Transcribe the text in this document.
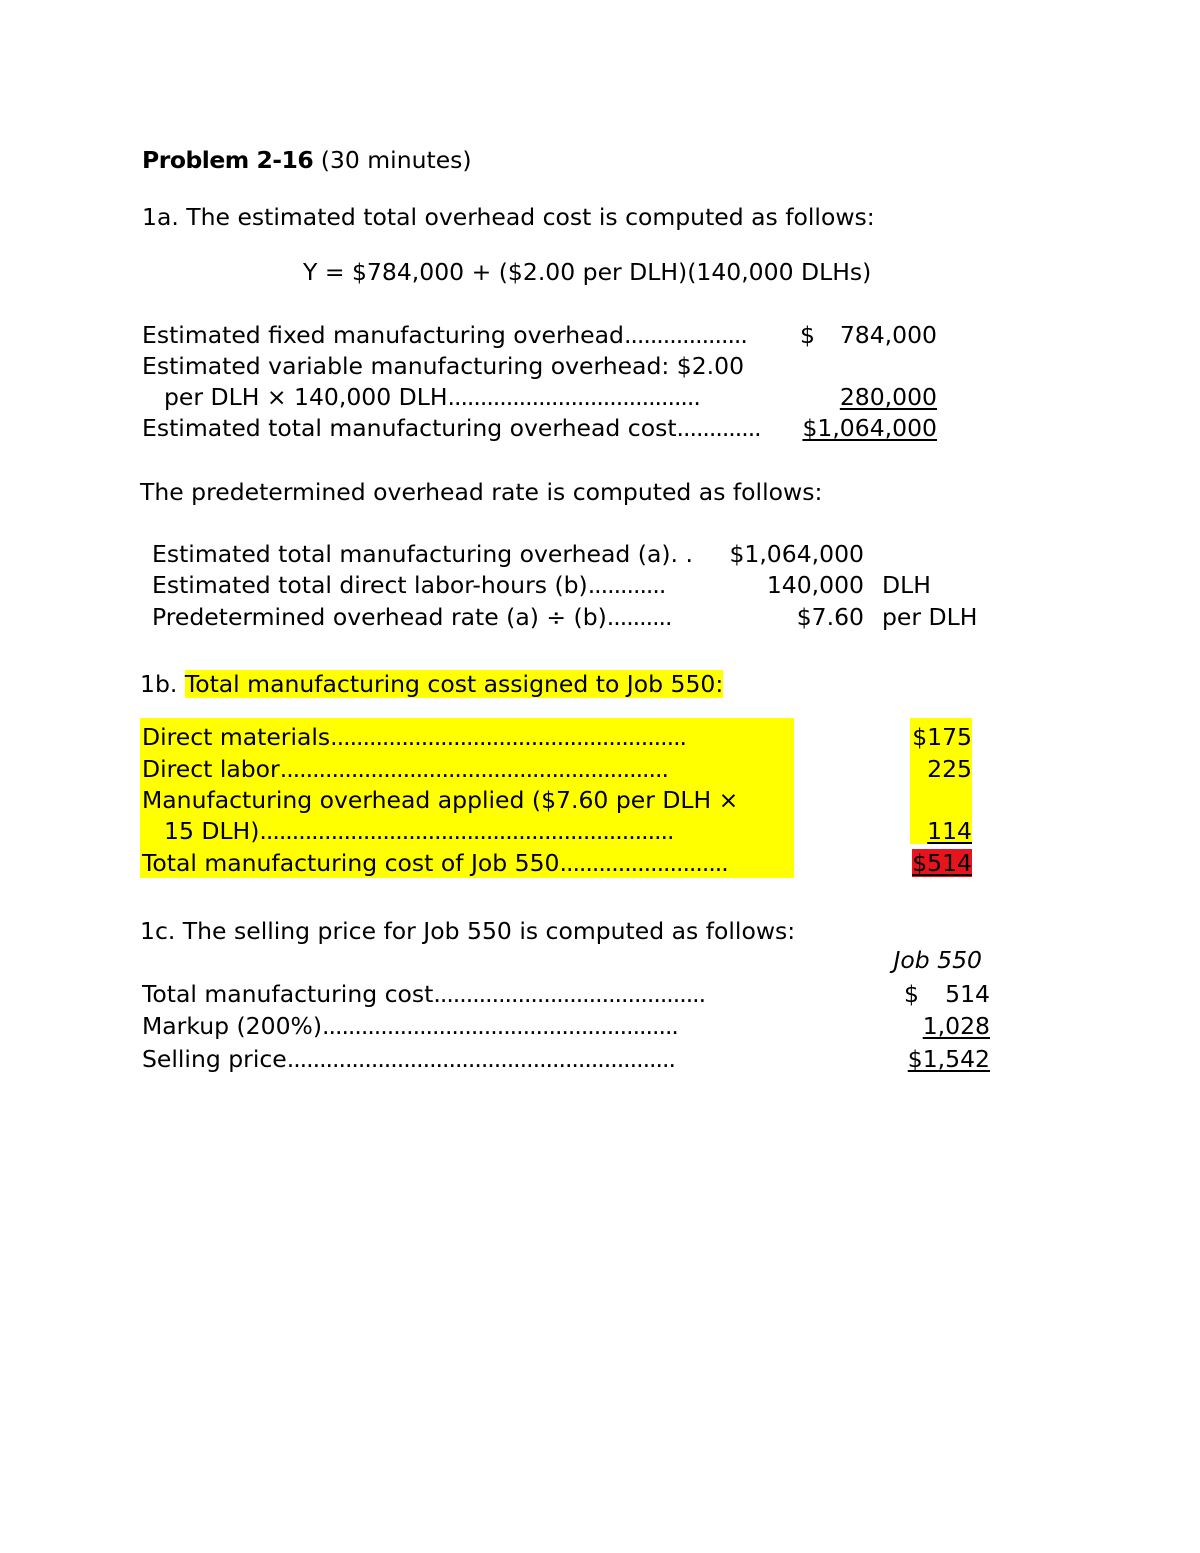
Problem 2-16 (30 minutes)
1a. The estimated total overhead cost is computed as follows:
Y = $784,000 + ($2.00 per DLH)(140,000 DLHs)
Estimated fixed manufacturing overhead................... $	784,000
Estimated variable manufacturing overhead: $2.00
per DLH × 140,000 DLH.......................................	280,000
Estimated total manufacturing overhead cost.............	$1,064,000
The predetermined overhead rate is computed as follows:
Estimated total manufacturing overhead (a). .	$1,064,000
Estimated total direct labor-hours (b)............	140,000 DLH
Predetermined overhead rate (a) ÷ (b)..........	$7.60 per DLH
1b. Total manufacturing cost assigned to Job 550:
Direct materials.......................................................	$175
Direct labor............................................................	225
Manufacturing overhead applied ($7.60 per DLH ×
15 DLH)................................................................	114
Total manufacturing cost of Job 550..........................	$514
1c. The selling price for Job 550 is computed as follows:
Job 550
Total manufacturing cost..........................................	$	514
Markup (200%).......................................................	1,028
Selling price............................................................	$1,542
